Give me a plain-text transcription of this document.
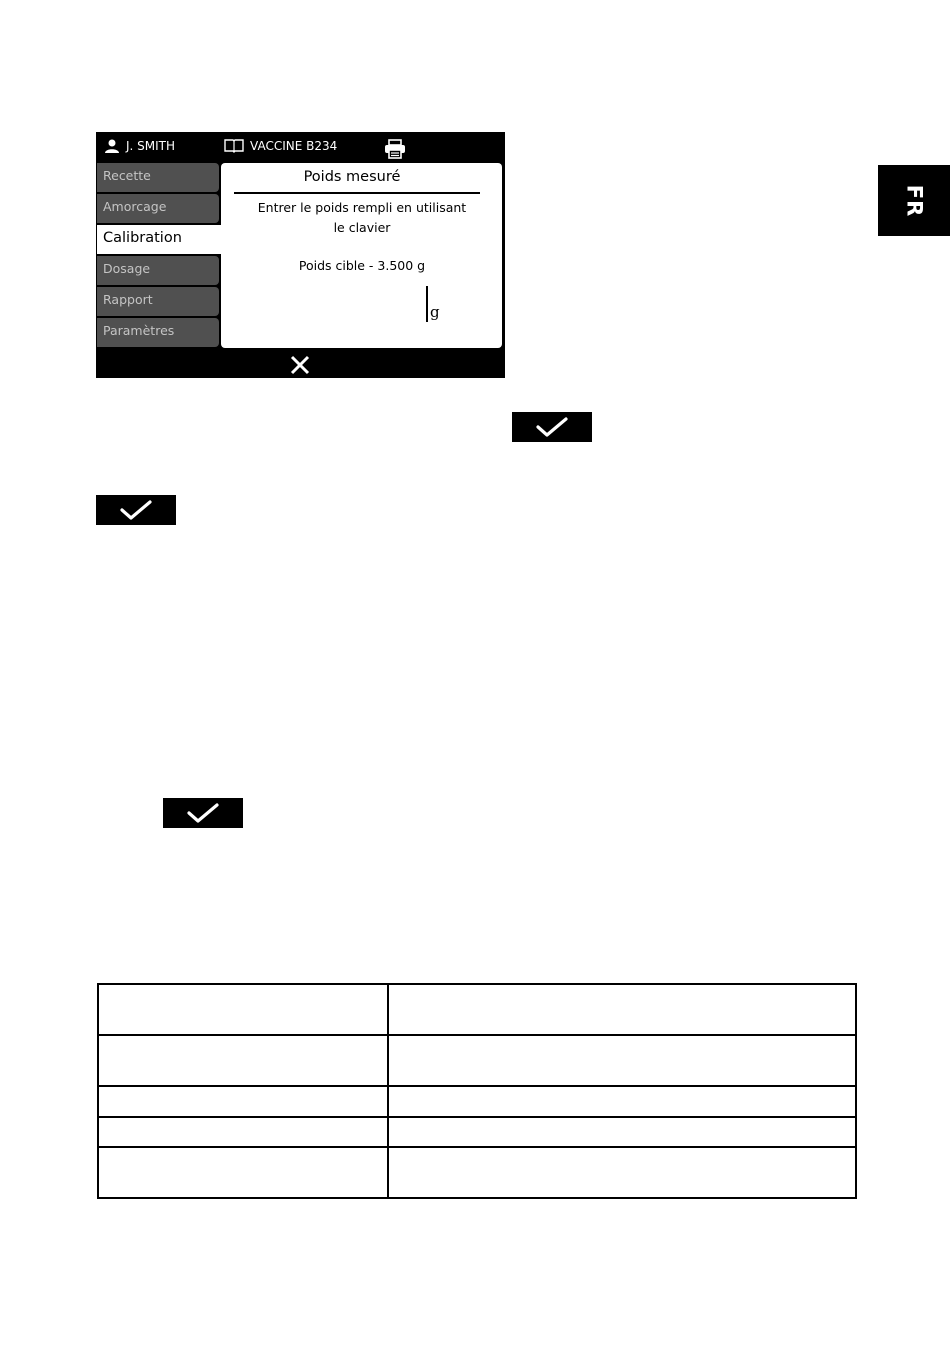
FR
J. SMITH	VACCINE B234
Recette
Amorcage
Calibration
Dosage
Rapport
Paramètres
Poids mesuré
Entrer le poids rempli en utilisant
le clavier
Poids cible - 3.500 g
g
